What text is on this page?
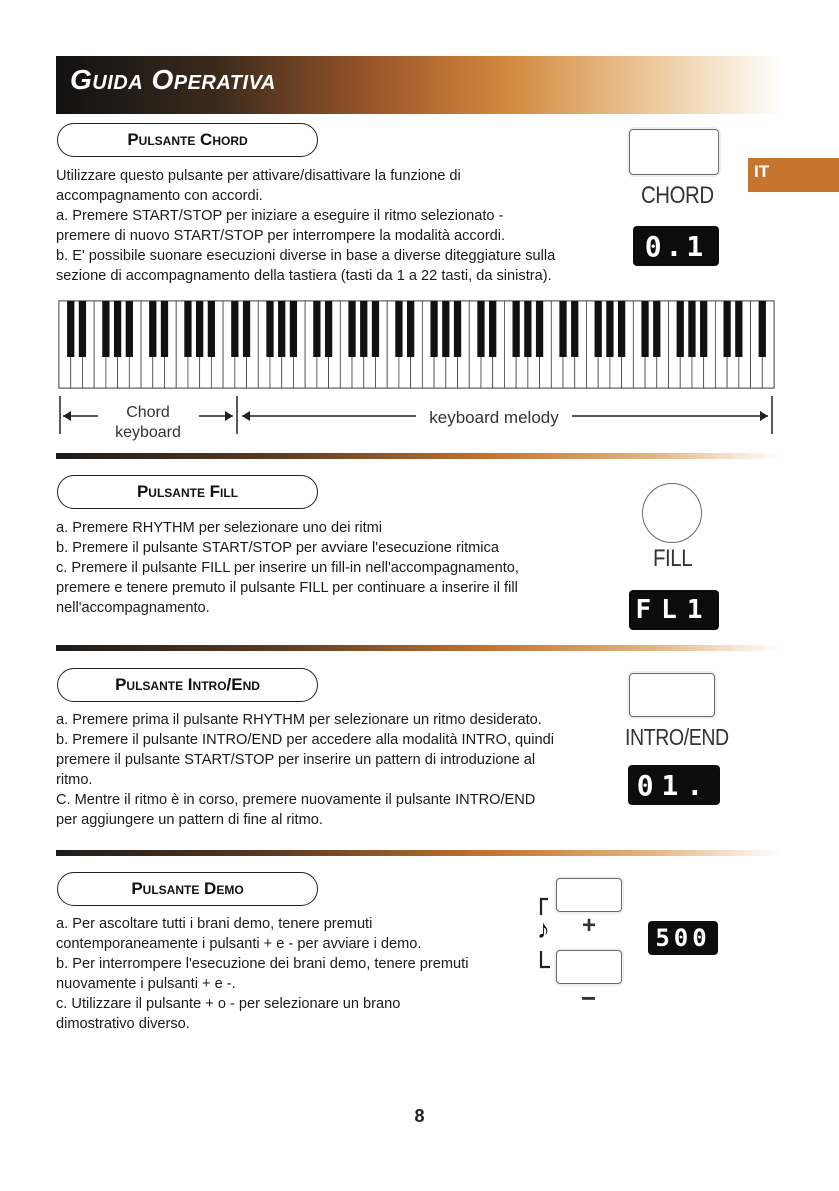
Guida Operativa
IT
Pulsante Chord

Utilizzare questo pulsante per attivare/disattivare la funzione di

accompagnamento con accordi.

a. Premere START/STOP per iniziare a eseguire il ritmo selezionato -

premere di nuovo START/STOP per interrompere la modalità accordi.

b. E' possibile suonare esecuzioni diverse in base a diverse diteggiature sulla

sezione di accompagnamento della tastiera (tasti da 1 a 22 tasti, da sinistra).

CHORD
0.1
Chord
keyboard
keyboard melody
Pulsante Fill

a. Premere RHYTHM per selezionare uno dei ritmi

b. Premere il pulsante START/STOP per avviare l'esecuzione ritmica

c. Premere il pulsante FILL per inserire un fill-in nell'accompagnamento,

premere e tenere premuto il pulsante FILL per continuare a inserire il fill

nell'accompagnamento.

FILL
FL1
Pulsante Intro/End

a. Premere prima il pulsante RHYTHM per selezionare un ritmo desiderato.

b. Premere il pulsante INTRO/END per accedere alla modalità INTRO, quindi

premere il pulsante START/STOP per inserire un pattern di introduzione al

ritmo.

C. Mentre il ritmo è in corso, premere nuovamente il pulsante INTRO/END

per aggiungere un pattern di fine al ritmo.

INTRO/END
01.
Pulsante Demo

a. Per ascoltare tutti i brani demo, tenere premuti

contemporaneamente i pulsanti + e - per avviare i demo.

b. Per interrompere l'esecuzione dei brani demo, tenere premuti

nuovamente i pulsanti + e -.

c. Utilizzare il pulsante + o - per selezionare un brano

dimostrativo diverso.

♪ +
−
500
8
